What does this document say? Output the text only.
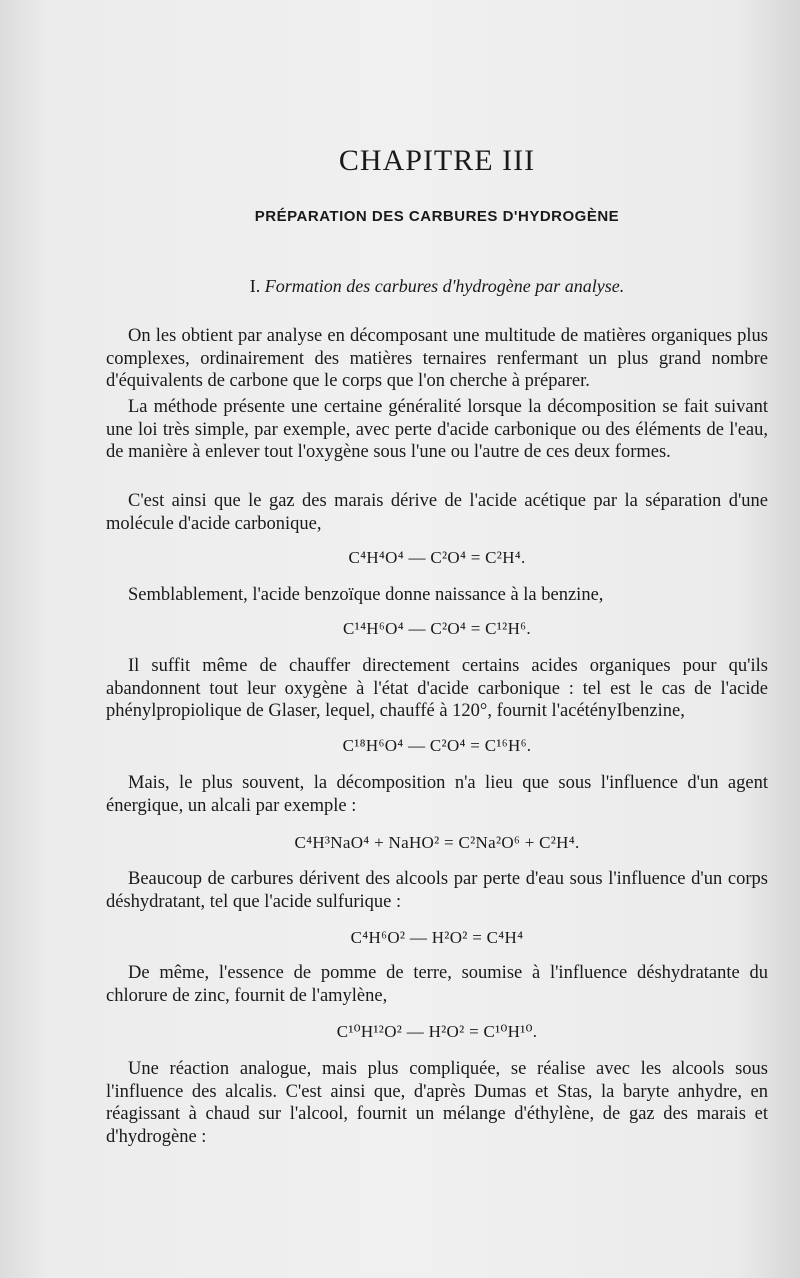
CHAPITRE III
PRÉPARATION DES CARBURES D'HYDROGÈNE
I. Formation des carbures d'hydrogène par analyse.

On les obtient par analyse en décomposant une multitude de matières organiques plus complexes, ordinairement des matières ternaires renfermant un plus grand nombre d'équivalents de carbone que le corps que l'on cherche à préparer.

La méthode présente une certaine généralité lorsque la décomposition se fait suivant une loi très simple, par exemple, avec perte d'acide carbonique ou des éléments de l'eau, de manière à enlever tout l'oxygène sous l'une ou l'autre de ces deux formes.

C'est ainsi que le gaz des marais dérive de l'acide acétique par la séparation d'une molécule d'acide carbonique,

C⁴H⁴O⁴ — C²O⁴ = C²H⁴.

Semblablement, l'acide benzoïque donne naissance à la benzine,

C¹⁴H⁶O⁴ — C²O⁴ = C¹²H⁶.

Il suffit même de chauffer directement certains acides organiques pour qu'ils abandonnent tout leur oxygène à l'état d'acide carbonique : tel est le cas de l'acide phénylpropiolique de Glaser, lequel, chauffé à 120°, fournit l'acétényIbenzine,

C¹⁸H⁶O⁴ — C²O⁴ = C¹⁶H⁶.

Mais, le plus souvent, la décomposition n'a lieu que sous l'influence d'un agent énergique, un alcali par exemple :

C⁴H³NaO⁴ + NaHO² = C²Na²O⁶ + C²H⁴.

Beaucoup de carbures dérivent des alcools par perte d'eau sous l'influence d'un corps déshydratant, tel que l'acide sulfurique :

C⁴H⁶O² — H²O² = C⁴H⁴

De même, l'essence de pomme de terre, soumise à l'influence déshydratante du chlorure de zinc, fournit de l'amylène,

C¹⁰H¹²O² — H²O² = C¹⁰H¹⁰.

Une réaction analogue, mais plus compliquée, se réalise avec les alcools sous l'influence des alcalis. C'est ainsi que, d'après Dumas et Stas, la baryte anhydre, en réagissant à chaud sur l'alcool, fournit un mélange d'éthylène, de gaz des marais et d'hydrogène :
